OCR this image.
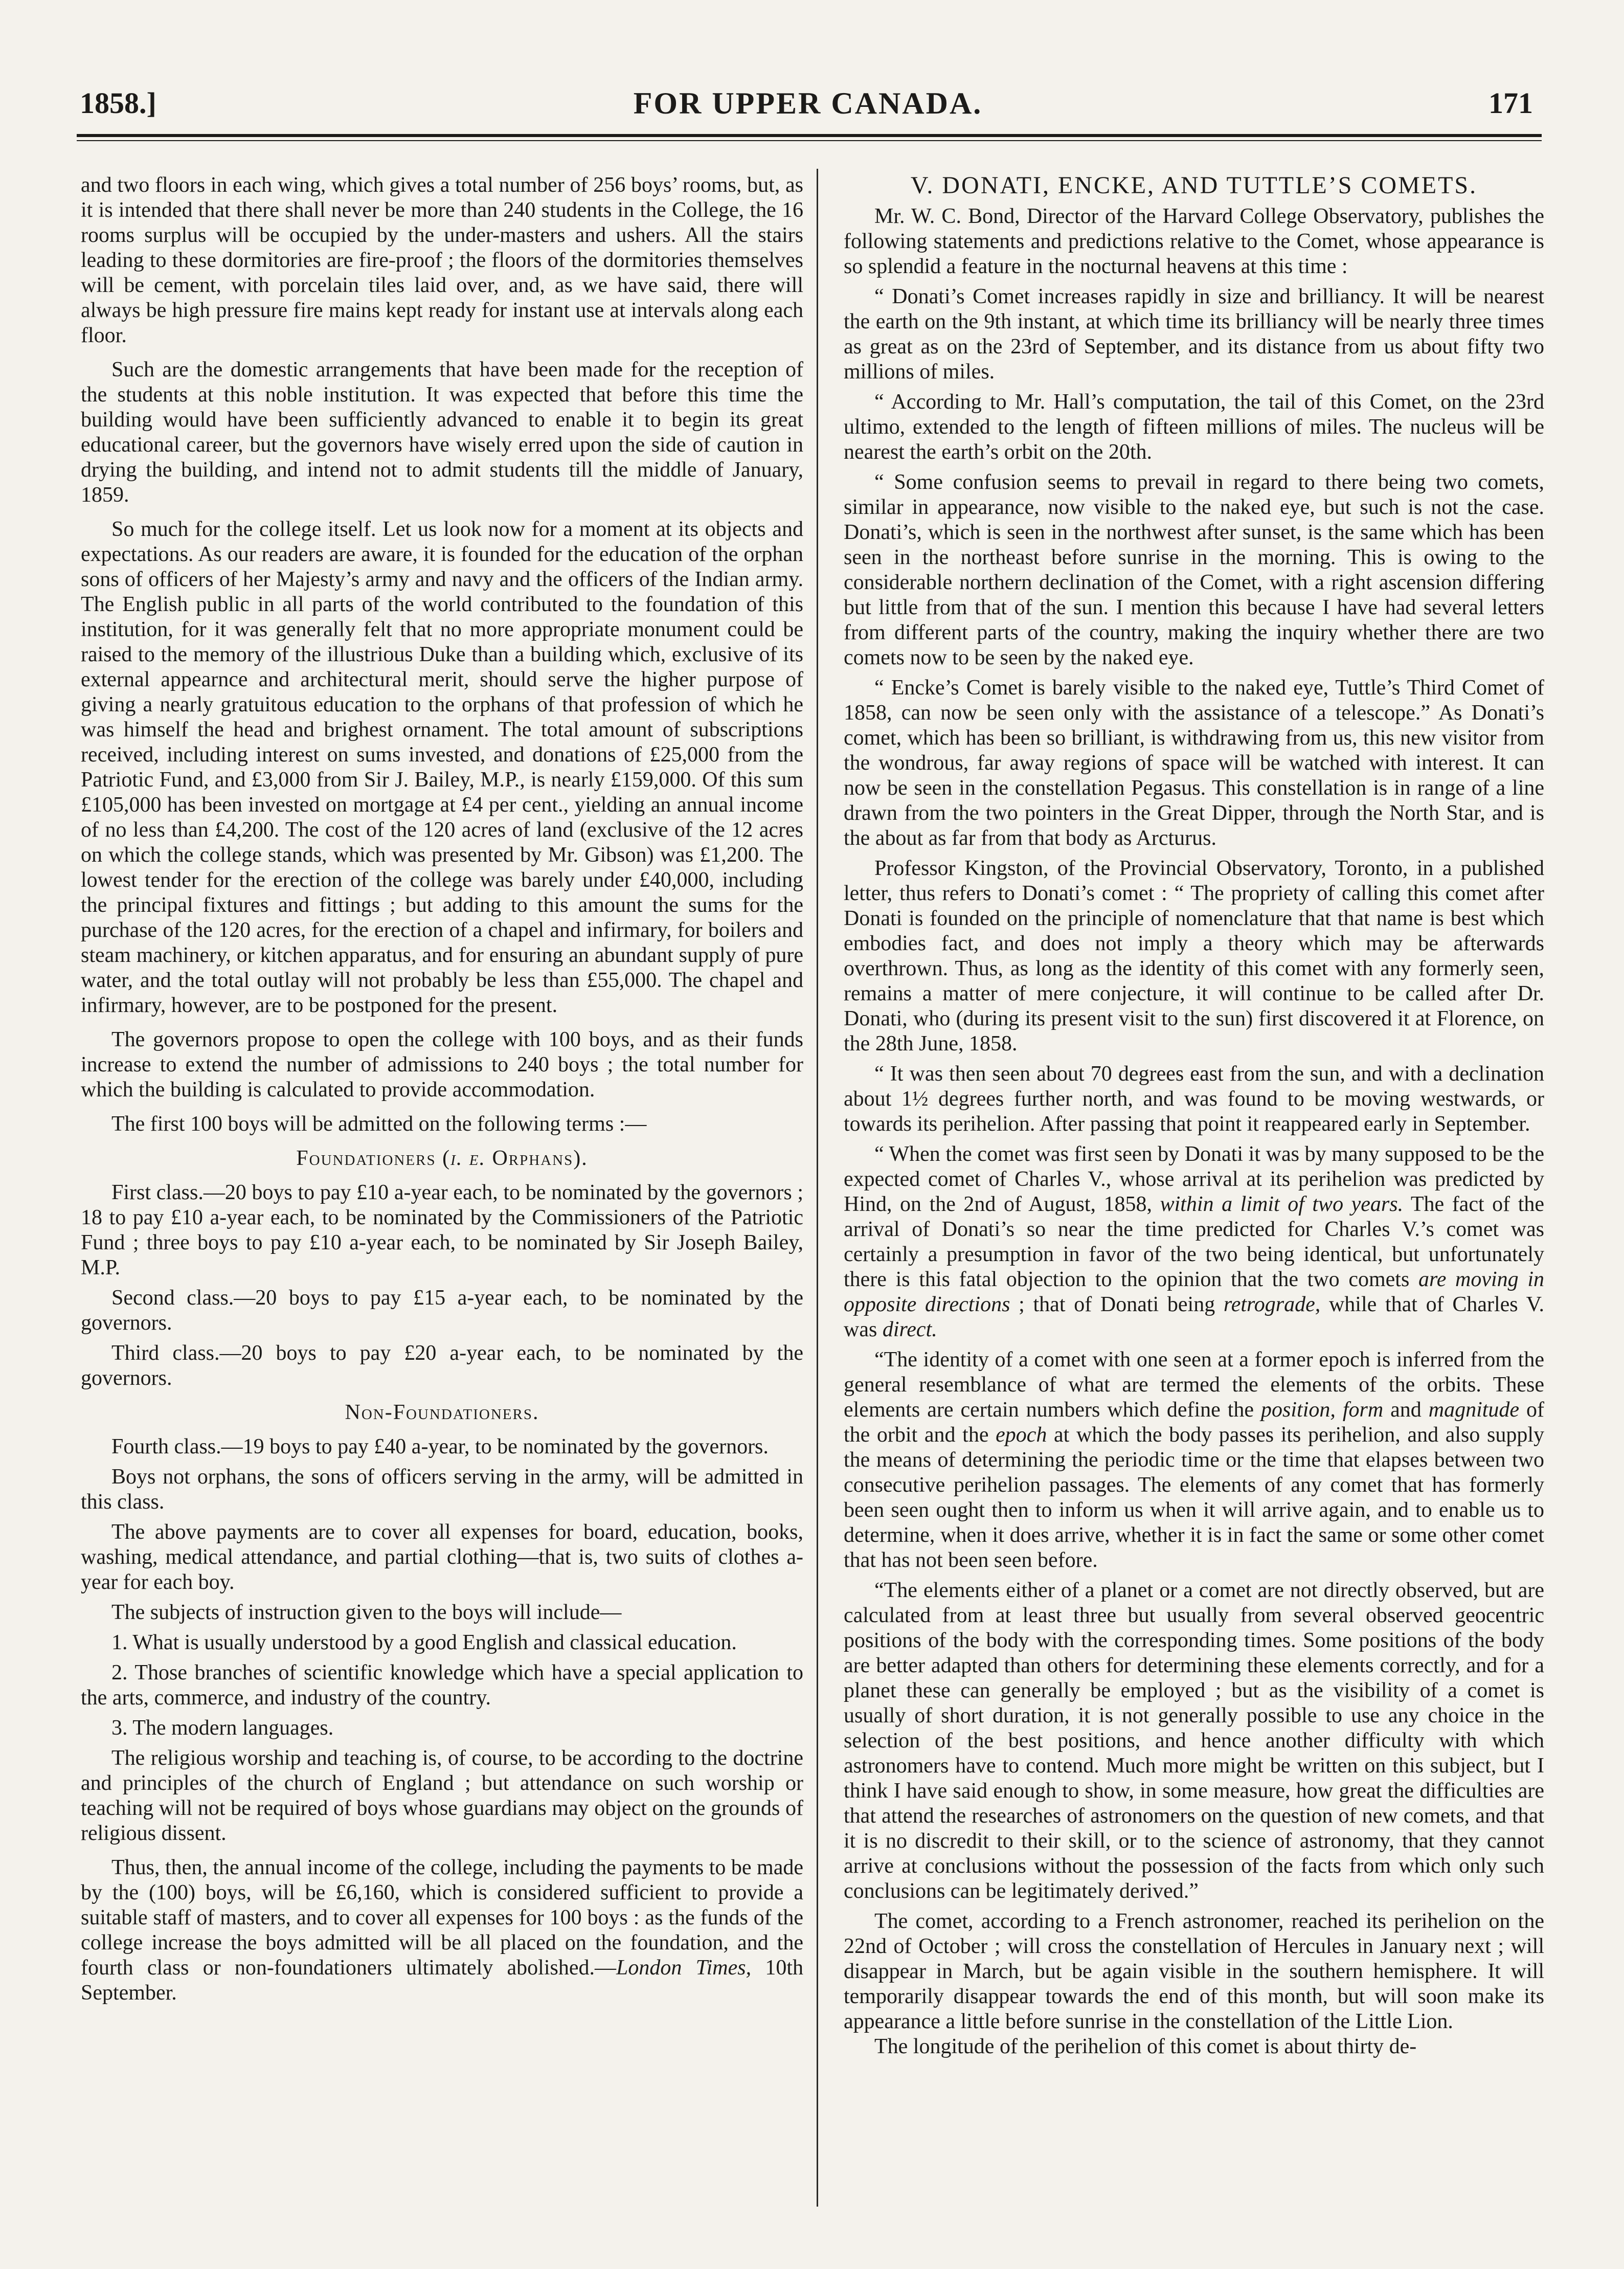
1858.]	FOR UPPER CANADA.	171

and two floors in each wing, which gives a total number of 256 boys’ rooms, but, as it is intended that there shall never be more than 240 students in the College, the 16 rooms surplus will be occupied by the under-masters and ushers. All the stairs leading to these dormitories are fire-proof ; the floors of the dormitories themselves will be cement, with porcelain tiles laid over, and, as we have said, there will always be high pressure fire mains kept ready for instant use at intervals along each floor.

Such are the domestic arrangements that have been made for the reception of the students at this noble institution. It was expected that before this time the building would have been sufficiently advanced to enable it to begin its great educational career, but the governors have wisely erred upon the side of caution in drying the building, and intend not to admit students till the middle of January, 1859.

So much for the college itself. Let us look now for a moment at its objects and expectations. As our readers are aware, it is founded for the education of the orphan sons of officers of her Majesty’s army and navy and the officers of the Indian army. The English public in all parts of the world contributed to the foundation of this institution, for it was generally felt that no more appropriate monument could be raised to the memory of the illustrious Duke than a building which, exclusive of its external appearnce and architectural merit, should serve the higher purpose of giving a nearly gratuitous education to the orphans of that profession of which he was himself the head and brighest ornament. The total amount of subscriptions received, including interest on sums invested, and donations of £25,000 from the Patriotic Fund, and £3,000 from Sir J. Bailey, M.P., is nearly £159,000. Of this sum £105,000 has been invested on mortgage at £4 per cent., yielding an annual income of no less than £4,200. The cost of the 120 acres of land (exclusive of the 12 acres on which the college stands, which was presented by Mr. Gibson) was £1,200. The lowest tender for the erection of the college was barely under £40,000, including the principal fixtures and fittings ; but adding to this amount the sums for the purchase of the 120 acres, for the erection of a chapel and infirmary, for boilers and steam machinery, or kitchen apparatus, and for ensuring an abundant supply of pure water, and the total outlay will not probably be less than £55,000. The chapel and infirmary, however, are to be postponed for the present.

The governors propose to open the college with 100 boys, and as their funds increase to extend the number of admissions to 240 boys ; the total number for which the building is calculated to provide accommodation.

The first 100 boys will be admitted on the following terms :—

Foundationers (i. e. Orphans).

First class.—20 boys to pay £10 a-year each, to be nominated by the governors ; 18 to pay £10 a-year each, to be nominated by the Commissioners of the Patriotic Fund ; three boys to pay £10 a-year each, to be nominated by Sir Joseph Bailey, M.P.

Second class.—20 boys to pay £15 a-year each, to be nominated by the governors.

Third class.—20 boys to pay £20 a-year each, to be nominated by the governors.

Non-Foundationers.

Fourth class.—19 boys to pay £40 a-year, to be nominated by the governors.

Boys not orphans, the sons of officers serving in the army, will be admitted in this class.

The above payments are to cover all expenses for board, education, books, washing, medical attendance, and partial clothing—that is, two suits of clothes a-year for each boy.

The subjects of instruction given to the boys will include—

1. What is usually understood by a good English and classical education.

2. Those branches of scientific knowledge which have a special application to the arts, commerce, and industry of the country.

3. The modern languages.

The religious worship and teaching is, of course, to be according to the doctrine and principles of the church of England ; but attendance on such worship or teaching will not be required of boys whose guardians may object on the grounds of religious dissent.

Thus, then, the annual income of the college, including the payments to be made by the (100) boys, will be £6,160, which is considered sufficient to provide a suitable staff of masters, and to cover all expenses for 100 boys : as the funds of the college increase the boys admitted will be all placed on the foundation, and the fourth class or non-foundationers ultimately abolished.—London Times, 10th September.

V. DONATI, ENCKE, AND TUTTLE’S COMETS.

Mr. W. C. Bond, Director of the Harvard College Observatory, publishes the following statements and predictions relative to the Comet, whose appearance is so splendid a feature in the nocturnal heavens at this time :

“ Donati’s Comet increases rapidly in size and brilliancy. It will be nearest the earth on the 9th instant, at which time its brilliancy will be nearly three times as great as on the 23rd of September, and its distance from us about fifty two millions of miles.

“ According to Mr. Hall’s computation, the tail of this Comet, on the 23rd ultimo, extended to the length of fifteen millions of miles. The nucleus will be nearest the earth’s orbit on the 20th.

“ Some confusion seems to prevail in regard to there being two comets, similar in appearance, now visible to the naked eye, but such is not the case. Donati’s, which is seen in the northwest after sunset, is the same which has been seen in the northeast before sunrise in the morning. This is owing to the considerable northern declination of the Comet, with a right ascension differing but little from that of the sun. I mention this because I have had several letters from different parts of the country, making the inquiry whether there are two comets now to be seen by the naked eye.

“ Encke’s Comet is barely visible to the naked eye, Tuttle’s Third Comet of 1858, can now be seen only with the assistance of a telescope.” As Donati’s comet, which has been so brilliant, is withdrawing from us, this new visitor from the wondrous, far away regions of space will be watched with interest. It can now be seen in the constellation Pegasus. This constellation is in range of a line drawn from the two pointers in the Great Dipper, through the North Star, and is the about as far from that body as Arcturus.

Professor Kingston, of the Provincial Observatory, Toronto, in a published letter, thus refers to Donati’s comet : “ The propriety of calling this comet after Donati is founded on the principle of nomenclature that that name is best which embodies fact, and does not imply a theory which may be afterwards overthrown. Thus, as long as the identity of this comet with any formerly seen, remains a matter of mere conjecture, it will continue to be called after Dr. Donati, who (during its present visit to the sun) first discovered it at Florence, on the 28th June, 1858.

“ It was then seen about 70 degrees east from the sun, and with a declination about 1½ degrees further north, and was found to be moving westwards, or towards its perihelion. After passing that point it reappeared early in September.

“ When the comet was first seen by Donati it was by many supposed to be the expected comet of Charles V., whose arrival at its perihelion was predicted by Hind, on the 2nd of August, 1858, within a limit of two years. The fact of the arrival of Donati’s so near the time predicted for Charles V.’s comet was certainly a presumption in favor of the two being identical, but unfortunately there is this fatal objection to the opinion that the two comets are moving in opposite directions ; that of Donati being retrograde, while that of Charles V. was direct.

“The identity of a comet with one seen at a former epoch is inferred from the general resemblance of what are termed the elements of the orbits. These elements are certain numbers which define the position, form and magnitude of the orbit and the epoch at which the body passes its perihelion, and also supply the means of determining the periodic time or the time that elapses between two consecutive perihelion passages. The elements of any comet that has formerly been seen ought then to inform us when it will arrive again, and to enable us to determine, when it does arrive, whether it is in fact the same or some other comet that has not been seen before.

“The elements either of a planet or a comet are not directly observed, but are calculated from at least three but usually from several observed geocentric positions of the body with the corresponding times. Some positions of the body are better adapted than others for determining these elements correctly, and for a planet these can generally be employed ; but as the visibility of a comet is usually of short duration, it is not generally possible to use any choice in the selection of the best positions, and hence another difficulty with which astronomers have to contend. Much more might be written on this subject, but I think I have said enough to show, in some measure, how great the difficulties are that attend the researches of astronomers on the question of new comets, and that it is no discredit to their skill, or to the science of astronomy, that they cannot arrive at conclusions without the possession of the facts from which only such conclusions can be legitimately derived.”

The comet, according to a French astronomer, reached its perihelion on the 22nd of October ; will cross the constellation of Hercules in January next ; will disappear in March, but be again visible in the southern hemisphere. It will temporarily disappear towards the end of this month, but will soon make its appearance a little before sunrise in the constellation of the Little Lion.

The longitude of the perihelion of this comet is about thirty de-
